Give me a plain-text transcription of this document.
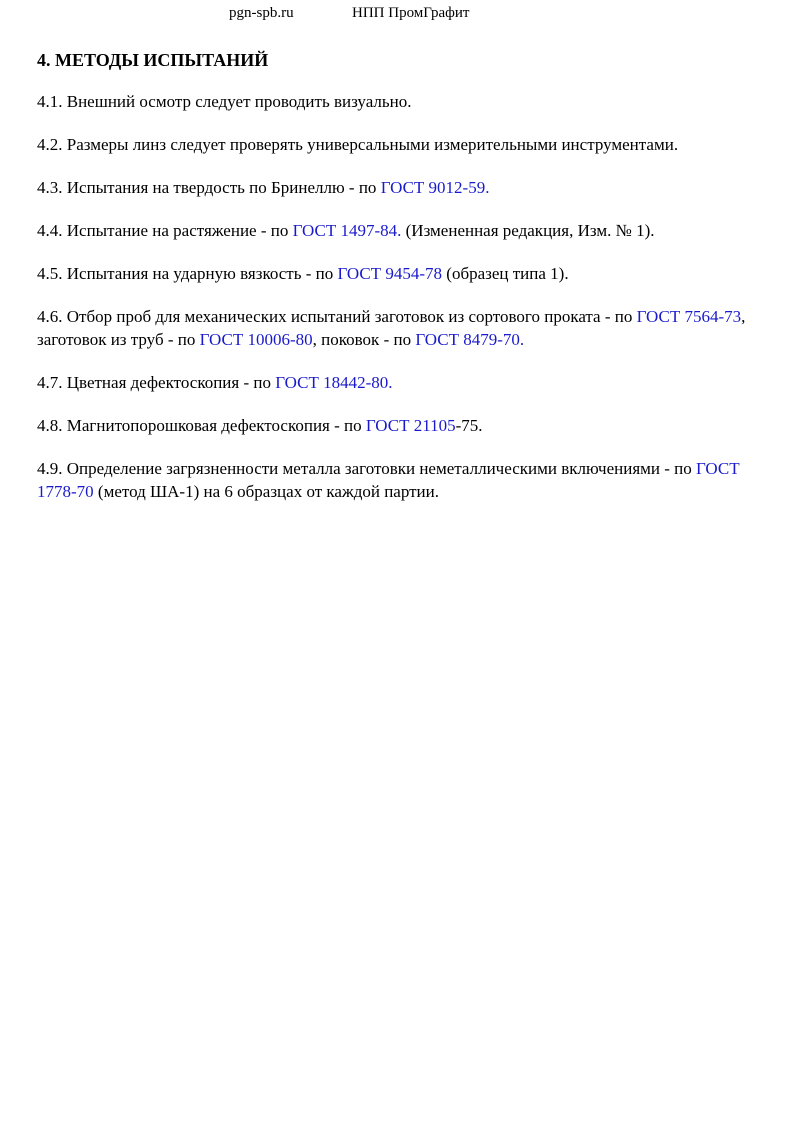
pgn-spb.ru	НПП ПромГрафит
4. МЕТОДЫ ИСПЫТАНИЙ

4.1. Внешний осмотр следует проводить визуально.

4.2. Размеры линз следует проверять универсальными измерительными инструментами.

4.3. Испытания на твердость по Бринеллю - по ГОСТ 9012-59.

4.4. Испытание на растяжение - по ГОСТ 1497-84. (Измененная редакция, Изм. № 1).

4.5. Испытания на ударную вязкость - по ГОСТ 9454-78 (образец типа 1).

4.6. Отбор проб для механических испытаний заготовок из сортового проката - по ГОСТ 7564-73, заготовок из труб - по ГОСТ 10006-80, поковок - по ГОСТ 8479-70.

4.7. Цветная дефектоскопия - по ГОСТ 18442-80.

4.8. Магнитопорошковая дефектоскопия - по ГОСТ 21105-75.

4.9. Определение загрязненности металла заготовки неметаллическими включениями - по ГОСТ 1778-70 (метод ША-1) на 6 образцах от каждой партии.
